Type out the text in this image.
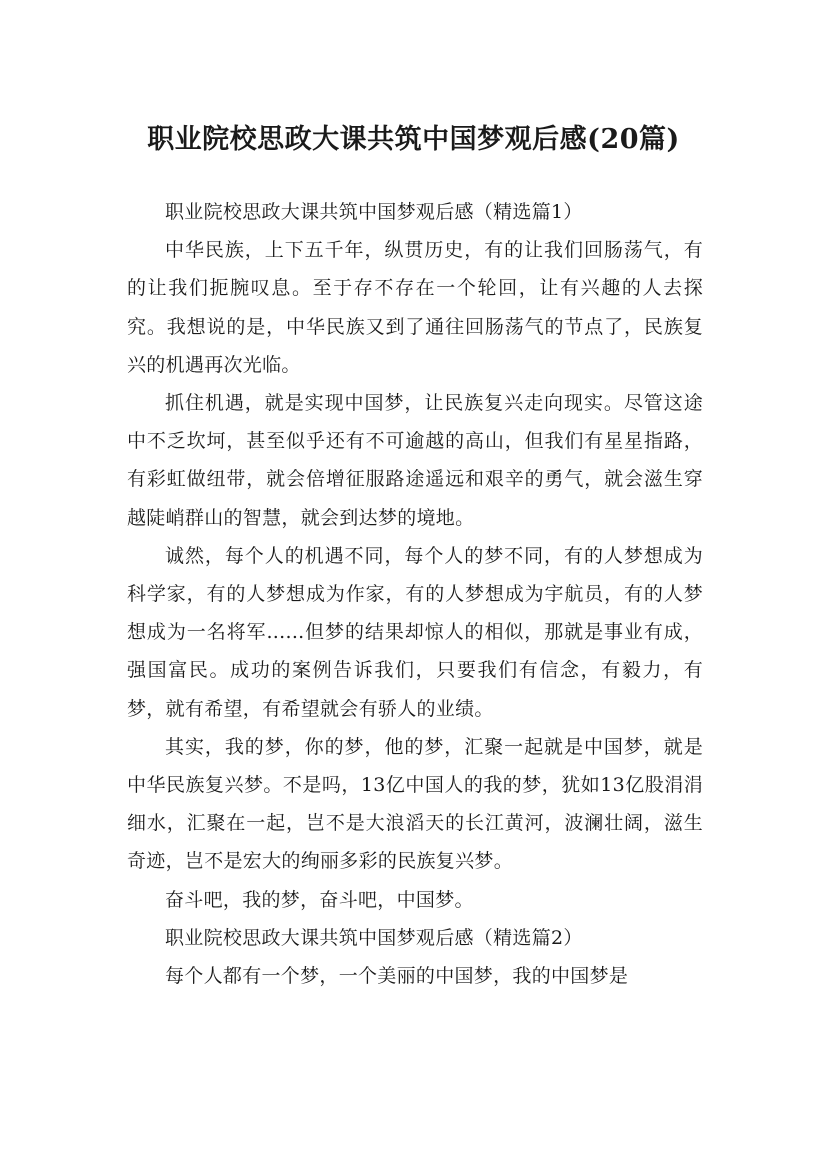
职业院校思政大课共筑中国梦观后感(20篇)

职业院校思政大课共筑中国梦观后感（精选篇1）

中华民族，上下五千年，纵贯历史，有的让我们回肠荡气，有的让我们扼腕叹息。至于存不存在一个轮回，让有兴趣的人去探究。我想说的是，中华民族又到了通往回肠荡气的节点了，民族复兴的机遇再次光临。

抓住机遇，就是实现中国梦，让民族复兴走向现实。尽管这途中不乏坎坷，甚至似乎还有不可逾越的高山，但我们有星星指路，有彩虹做纽带，就会倍增征服路途遥远和艰辛的勇气，就会滋生穿越陡峭群山的智慧，就会到达梦的境地。

诚然，每个人的机遇不同，每个人的梦不同，有的人梦想成为科学家，有的人梦想成为作家，有的人梦想成为宇航员，有的人梦想成为一名将军......但梦的结果却惊人的相似，那就是事业有成，强国富民。成功的案例告诉我们，只要我们有信念，有毅力，有梦，就有希望，有希望就会有骄人的业绩。

其实，我的梦，你的梦，他的梦，汇聚一起就是中国梦，就是中华民族复兴梦。不是吗，13亿中国人的我的梦，犹如13亿股涓涓细水，汇聚在一起，岂不是大浪滔天的长江黄河，波澜壮阔，滋生奇迹，岂不是宏大的绚丽多彩的民族复兴梦。

奋斗吧，我的梦，奋斗吧，中国梦。

职业院校思政大课共筑中国梦观后感（精选篇2）

每个人都有一个梦，一个美丽的中国梦，我的中国梦是
